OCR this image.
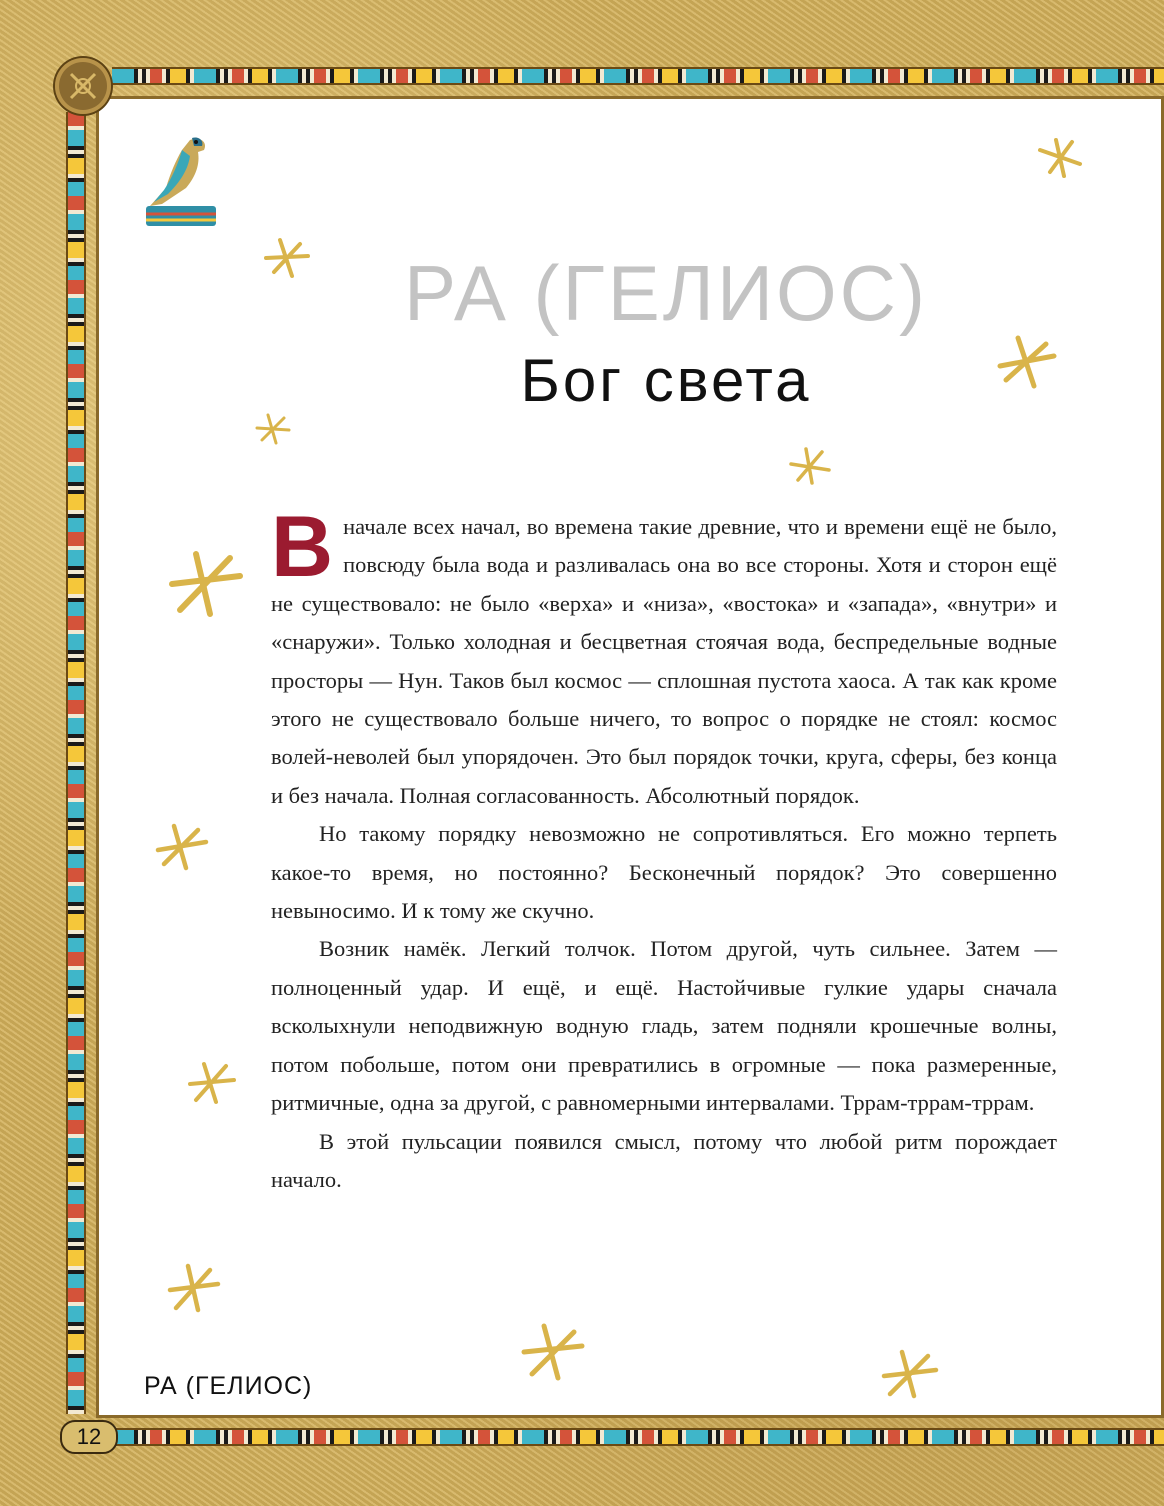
РА (ГЕЛИОС)
Бог света

В начале всех начал, во времена такие древние, что и времени ещё не было, повсюду была вода и разливалась она во все стороны. Хотя и сторон ещё не существовало: не было «верха» и «низа», «востока» и «запада», «внутри» и «снаружи». Только холодная и бесцветная стоячая вода, беспредельные водные просторы — Нун. Таков был космос — сплошная пустота хаоса. А так как кроме этого не существовало больше ничего, то вопрос о порядке не стоял: космос волей-неволей был упорядочен. Это был порядок точки, круга, сферы, без конца и без начала. Полная согласованность. Абсолютный порядок.

Но такому порядку невозможно не сопротивляться. Его можно терпеть какое-то время, но постоянно? Бесконечный порядок? Это совершенно невыносимо. И к тому же скучно.

Возник намёк. Легкий толчок. Потом другой, чуть сильнее. Затем — полноценный удар. И ещё, и ещё. Настойчивые гулкие удары сначала всколыхнули неподвижную водную гладь, затем подняли крошечные волны, потом побольше, потом они превратились в огромные — пока размеренные, ритмичные, одна за другой, с равномерными интервалами. Тррам-тррам-тррам.

В этой пульсации появился смысл, потому что любой ритм порождает начало.

РА (ГЕЛИОС)
12
